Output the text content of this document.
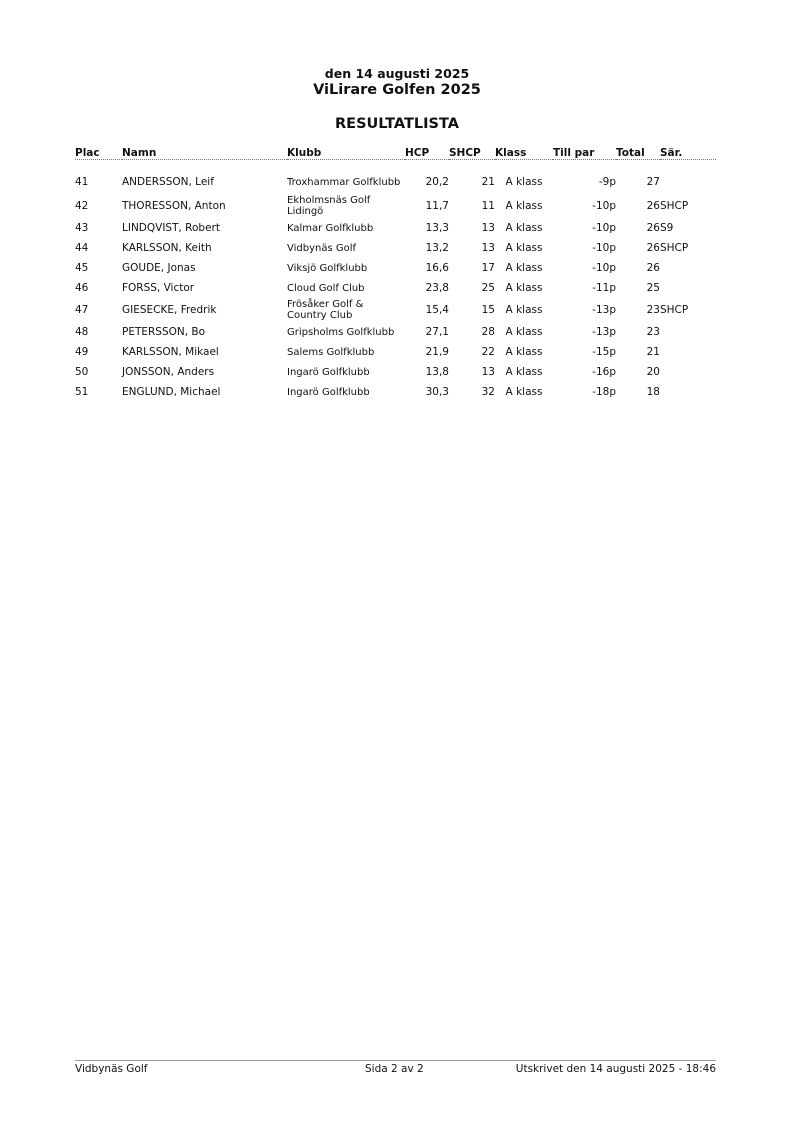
den 14 augusti 2025
ViLirare Golfen 2025
RESULTATLISTA
Plac	Namn	Klubb	HCP	SHCP	Klass	Till par	Total	Sär.

41	ANDERSSON, Leif	Troxhammar Golfklubb	20,2	21	A klass	-9p	27	
42	THORESSON, Anton	Ekholmsnäs Golf Lidingö	11,7	11	A klass	-10p	26	SHCP
43	LINDQVIST, Robert	Kalmar Golfklubb	13,3	13	A klass	-10p	26	S9
44	KARLSSON, Keith	Vidbynäs Golf	13,2	13	A klass	-10p	26	SHCP
45	GOUDE, Jonas	Viksjö Golfklubb	16,6	17	A klass	-10p	26	
46	FORSS, Victor	Cloud Golf Club	23,8	25	A klass	-11p	25	
47	GIESECKE, Fredrik	Frösåker Golf & Country Club	15,4	15	A klass	-13p	23	SHCP
48	PETERSSON, Bo	Gripsholms Golfklubb	27,1	28	A klass	-13p	23	
49	KARLSSON, Mikael	Salems Golfklubb	21,9	22	A klass	-15p	21	
50	JONSSON, Anders	Ingarö Golfklubb	13,8	13	A klass	-16p	20	
51	ENGLUND, Michael	Ingarö Golfklubb	30,3	32	A klass	-18p	18	
Vidbynäs Golf	Sida 2 av 2	Utskrivet den 14 augusti 2025 - 18:46
